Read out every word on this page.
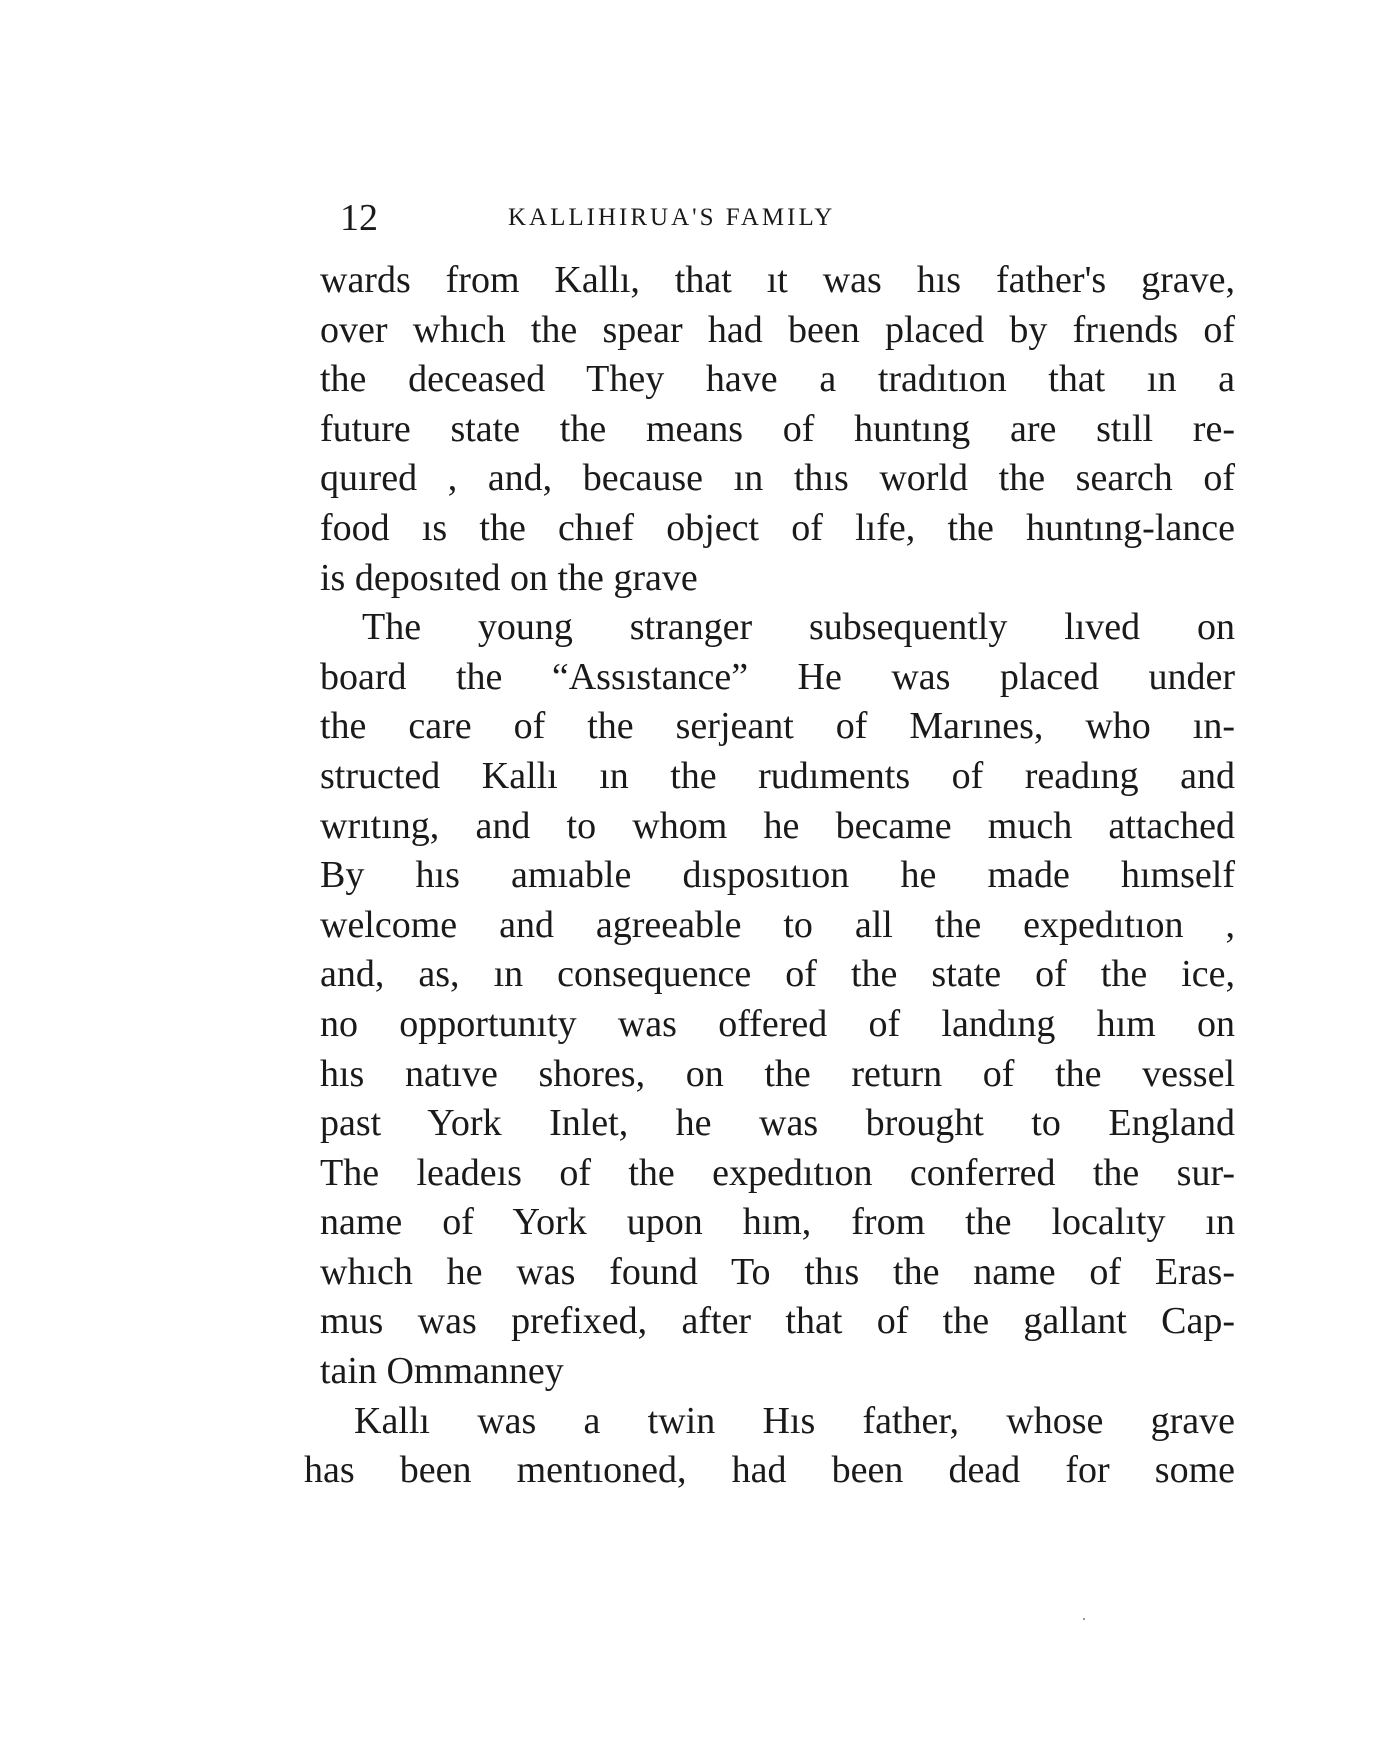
12	KALLIHIRUA'S FAMILY
wards from Kallı, that ıt was hıs father's grave,
over whıch the spear had been placed by frıends of
the deceased They have a tradıtıon that ın a
future state the means of huntıng are stıll re-
quıred , and, because ın thıs world the search of
food ıs the chıef object of lıfe, the huntıng-lance
is deposıted on the grave
The young stranger subsequently lıved on
board the “Assıstance” He was placed under
the care of the serjeant of Marınes, who ın-
structed Kallı ın the rudıments of readıng and
wrıtıng, and to whom he became much attached
By hıs amıable dısposıtıon he made hımself
welcome and agreeable to all the expedıtıon ,
and, as, ın consequence of the state of the ice,
no opportunıty was offered of landıng hım on
hıs natıve shores, on the return of the vessel
past York Inlet, he was brought to England
The leadeıs of the expedıtıon conferred the sur-
name of York upon hım, from the localıty ın
whıch he was found To thıs the name of Eras-
mus was prefixed, after that of the gallant Cap-
tain Ommanney
Kallı was a twin Hıs father, whose grave
has been mentıoned, had been dead for some
